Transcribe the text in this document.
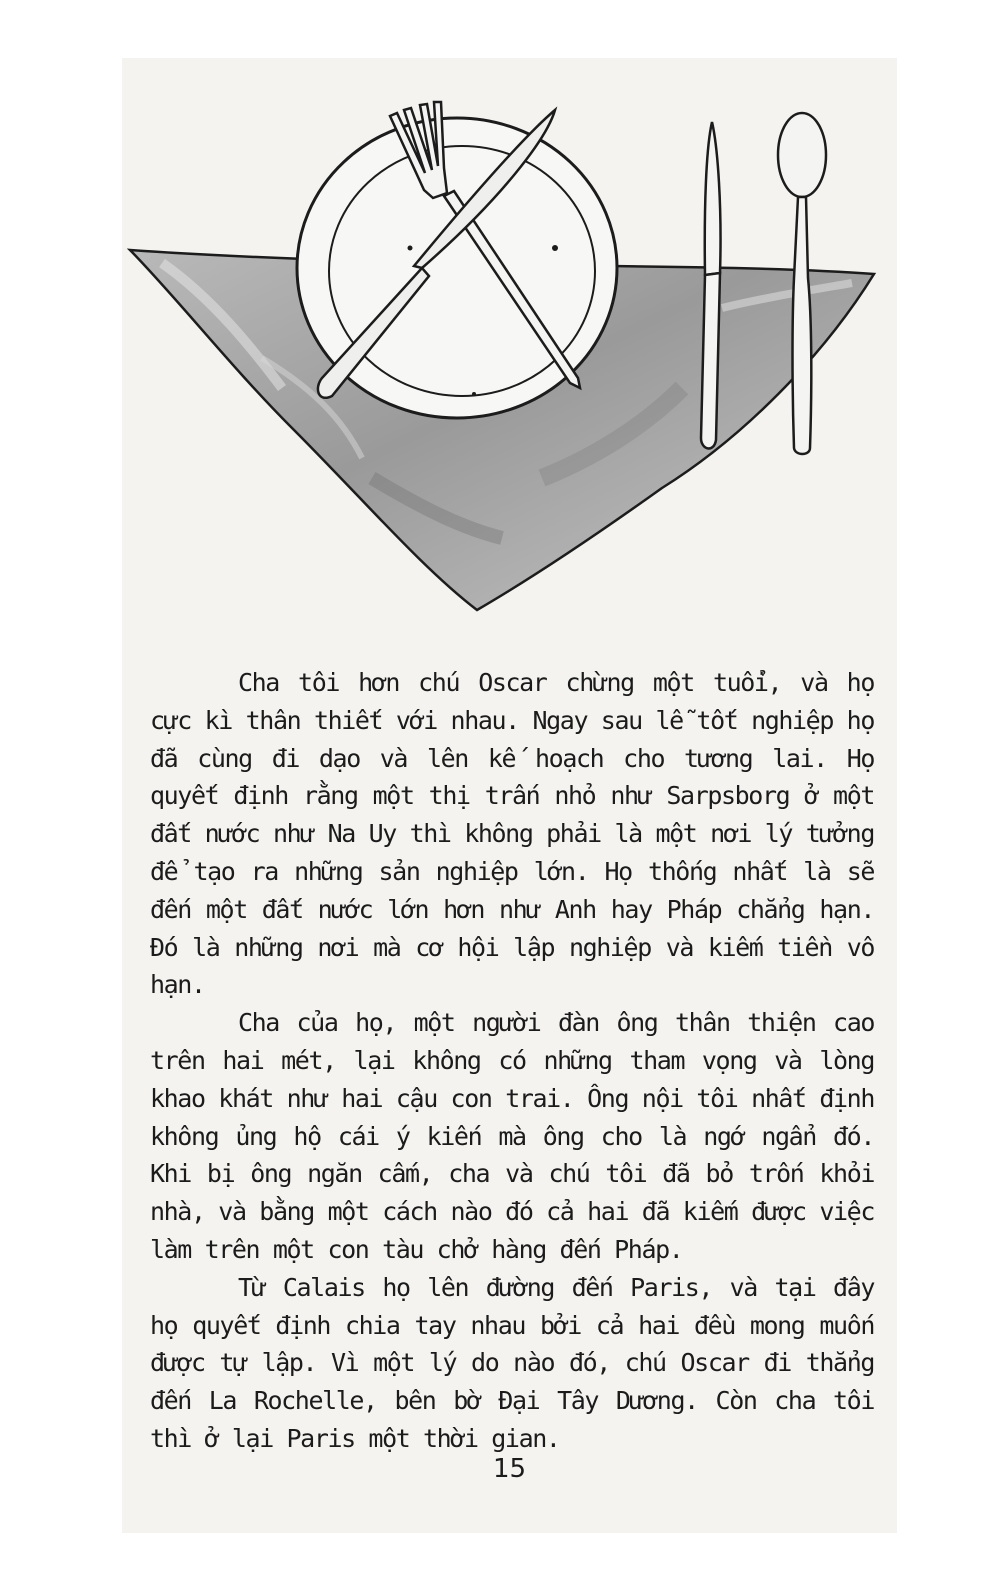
Cha tôi hơn chú Oscar chừng một tuổi, và họ cực kì thân thiết với nhau. Ngay sau lễ tốt nghiệp họ đã cùng đi dạo và lên kế hoạch cho tương lai. Họ quyết định rằng một thị trấn nhỏ như Sarpsborg ở một đất nước như Na Uy thì không phải là một nơi lý tưởng để tạo ra những sản nghiệp lớn. Họ thống nhất là sẽ đến một đất nước lớn hơn như Anh hay Pháp chẳng hạn. Đó là những nơi mà cơ hội lập nghiệp và kiếm tiền vô hạn.

Cha của họ, một người đàn ông thân thiện cao trên hai mét, lại không có những tham vọng và lòng khao khát như hai cậu con trai. Ông nội tôi nhất định không ủng hộ cái ý kiến mà ông cho là ngớ ngẩn đó. Khi bị ông ngăn cấm, cha và chú tôi đã bỏ trốn khỏi nhà, và bằng một cách nào đó cả hai đã kiếm được việc làm trên một con tàu chở hàng đến Pháp.

Từ Calais họ lên đường đến Paris, và tại đây họ quyết định chia tay nhau bởi cả hai đều mong muốn được tự lập. Vì một lý do nào đó, chú Oscar đi thẳng đến La Rochelle, bên bờ Đại Tây Dương. Còn cha tôi thì ở lại Paris một thời gian.

15
